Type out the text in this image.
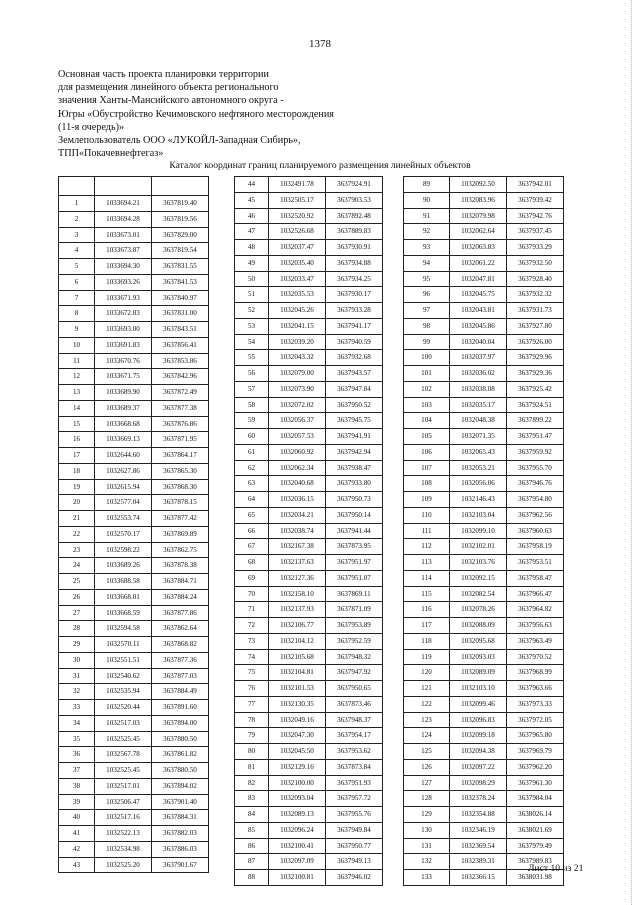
1378
Основная часть проекта планировки территории
для размещения линейного объекта регионального
значения Ханты-Мансийского автономного округа -
Югры «Обустройство Кечимовского нефтяного месторождения
(11-я очередь)»
Землепользователь ООО «ЛУКОЙЛ-Западная Сибирь»,
ТПП«Покачевнефтегаз»
Каталог координат границ планируемого размещения линейных объектов

1	1033694.21	3637819.40
2	1033694.28	3637819.56
3	1033673.01	3637829.00
4	1033673.87	3637819.54
5	1033694.30	3637831.55
6	1033693.26	3637841.53
7	1033671.93	3637840.97
8	1033672.83	3637831.00
9	1033693.00	3637843.51
10	1033691.83	3637856.41
11	1033670.76	3637853.86
12	1033671.75	3637842.96
13	1033689.90	3637872.49
14	1033689.37	3637877.38
15	1033668.68	3637876.86
16	1033669.13	3637871.95
17	1032644.60	3637864.17
18	1032627.86	3637865.30
19	1032615.94	3637868.30
20	1032577.04	3637878.15
21	1032553.74	3637877.42
22	1032570.17	3637869.89
23	1032598.22	3637862.75
24	1033689.26	3637878.38
25	1033688.58	3637884.71
26	1033668.01	3637884.24
27	1033668.59	3637877.86
28	1032594.58	3637862.64
29	1032570.11	3637868.82
30	1032551.51	3637877.36
31	1032540.62	3637877.03
32	1032535.94	3637884.49
33	1032520.44	3637891.60
34	1032517.03	3637894.00
35	1032525.45	3637880.50
36	1032567.78	3637861.82
37	1032525.45	3637880.50
38	1032517.01	3637894.02
39	1032506.47	3637901.40
40	1032517.16	3637884.31
41	1032522.13	3637882.03
42	1032534.98	3637886.03
43	1032525.20	3637901.67
44	1032491.78	3637924.91
45	1032505.17	3637903.53
46	1032520.92	3637892.48
47	1032526.68	3637889.83
48	1032037.47	3637930.91
49	1032035.40	3637934.88
50	1032033.47	3637934.25
51	1032035.53	3637930.17
52	1032045.26	3637933.28
53	1032041.15	3637941.17
54	1032039.20	3637940.59
55	1032043.32	3637932.68
56	1032079.00	3637943.57
57	1032073.90	3637947.84
58	1032072.02	3637950.52
59	1032056.37	3637945.75
60	1032057.53	3637941.91
61	1032060.92	3637942.94
62	1032062.34	3637938.47
63	1032040.68	3637933.80
64	1032036.15	3637950.73
65	1032034.21	3637950.14
66	1032038.74	3637941.44
67	1032167.38	3637873.95
68	1032137.63	3637951.97
69	1032127.36	3637951.07
70	1032158.10	3637869.11
71	1032137.93	3637871.09
72	1032106.77	3637953.89
73	1032104.12	3637952.59
74	1032105.68	3637948.32
75	1032104.81	3637947.92
76	1032101.53	3637950.65
77	1032130.35	3637873.46
78	1032049.16	3637948.37
79	1032047.30	3637954.17
80	1032045.50	3637953.62
81	1032129.16	3637873.84
82	1032100.00	3637951.93
83	1032093.04	3637957.72
84	1032089.13	3637955.76
85	1032096.24	3637949.84
86	1032100.41	3637950.77
87	1032097.09	3637949.13
88	1032100.81	3637946.02
89	1032092.50	3637942.01
90	1032083.96	3637939.42
91	1032079.98	3637942.76
92	1032062.64	3637937.45
93	1032063.83	3637933.29
94	1032061.22	3637932.50
95	1032047.81	3637928.40
96	1032045.75	3637932.32
97	1032043.81	3637931.73
98	1032045.86	3637927.80
99	1032040.04	3637926.00
100	1032037.97	3637929.96
101	1032036.02	3637929.36
102	1032038.08	3637925.42
103	1032035.17	3637924.51
104	1032048.38	3637899.22
105	1032071.35	3637951.47
106	1032065.43	3637959.92
107	1032053.21	3637955.70
108	1032056.06	3637946.76
109	1032146.43	3637954.80
110	1032103.04	3637962.56
111	1032099.10	3637960.63
112	1032102.01	3637958.19
113	1032103.76	3637953.51
114	1032092.15	3637958.47
115	1032082.54	3637966.47
116	1032078.26	3637964.82
117	1032088.09	3637956.63
118	1032095.68	3637963.49
119	1032093.03	3637970.52
120	1032089.09	3637968.99
121	1032103.10	3637963.66
122	1032099.46	3637973.33
123	1032096.83	3637972.05
124	1032099.18	3637965.80
125	1032094.38	3637969.79
126	1032097.22	3637962.20
127	1032098.29	3637961.30
128	1032378.24	3637984.04
129	1032354.88	3638026.14
130	1032346.19	3638021.69
131	1032369.54	3637979.49
132	1032389.31	3637989.83
133	1032366.15	3638031.98
Лист 10 из 21
